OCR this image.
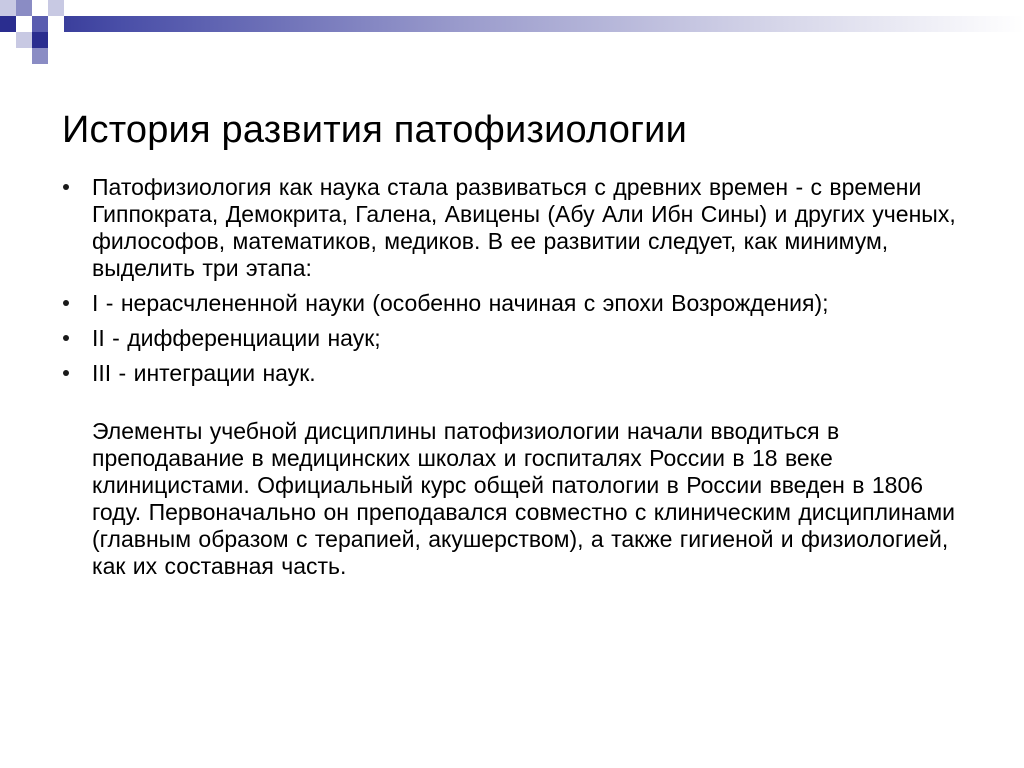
История развития патофизиологии
Патофизиология как наука стала развиваться с древних времен - с времени Гиппократа, Демокрита, Галена, Авицены (Абу Али Ибн Сины) и других ученых, философов, математиков, медиков. В ее развитии следует, как минимум, выделить три этапа:
I - нерасчлененной науки (особенно начиная с эпохи Возрождения);
II - дифференциации наук;
III - интеграции наук.

Элементы учебной дисциплины патофизиологии начали вводиться в преподавание в медицинских школах и госпиталях России в 18 веке клиницистами. Официальный курс общей патологии в России введен в 1806 году. Первоначально он преподавался совместно с клиническим дисциплинами (главным образом с терапией, акушерством), а также гигиеной и физиологией, как их составная часть.
